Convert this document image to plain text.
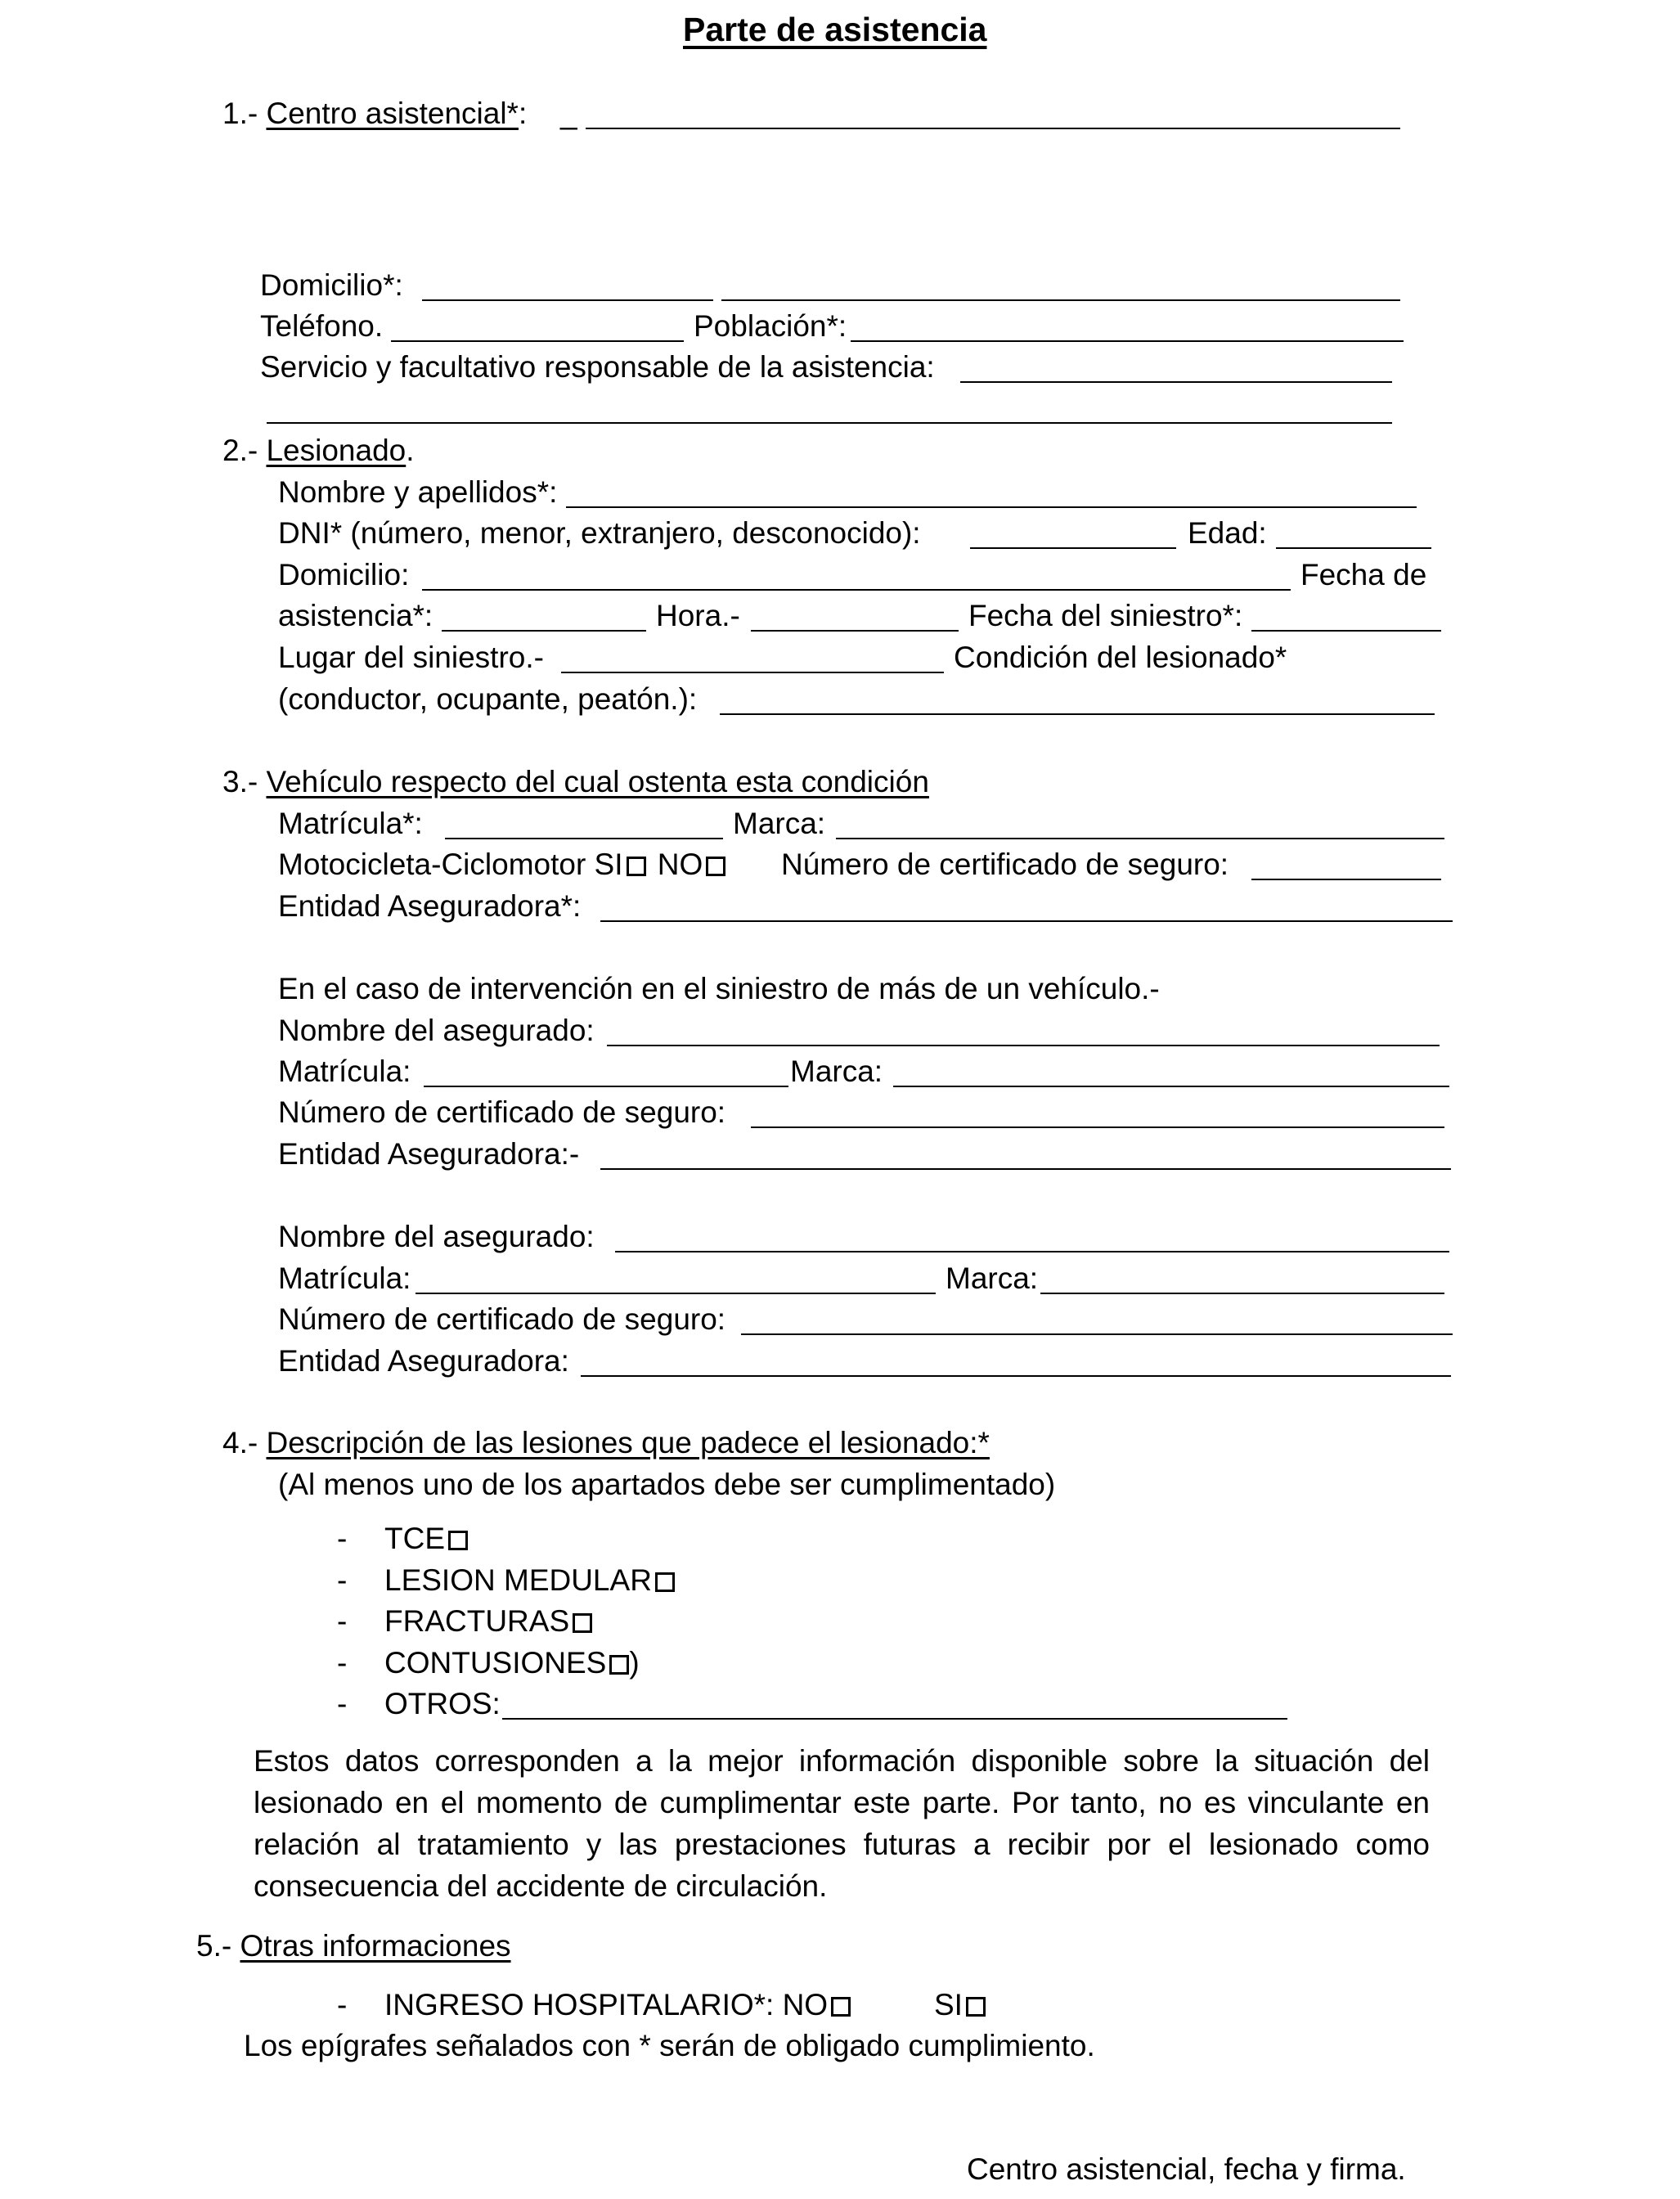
Parte de asistencia
1.- Centro asistencial*: _
Domicilio*:
Teléfono.	Población*:
Servicio y facultativo responsable de la asistencia:
2.- Lesionado.
Nombre y apellidos*:
DNI* (número, menor, extranjero, desconocido):	Edad:
Domicilio:	Fecha de
asistencia*:	Hora.-	Fecha del siniestro*:
Lugar del siniestro.-	Condición del lesionado*
(conductor, ocupante, peatón.):
3.- Vehículo respecto del cual ostenta esta condición
Matrícula*:	Marca:
Motocicleta-Ciclomotor SI NO	Número de certificado de seguro:
Entidad Aseguradora*:
En el caso de intervención en el siniestro de más de un vehículo.-
Nombre del asegurado:
Matrícula:	Marca:
Número de certificado de seguro:
Entidad Aseguradora:-
Nombre del asegurado:
Matrícula:	Marca:
Número de certificado de seguro:
Entidad Aseguradora:
4.- Descripción de las lesiones que padece el lesionado:*
(Al menos uno de los apartados debe ser cumplimentado)
- TCE
- LESION MEDULAR
- FRACTURAS
- CONTUSIONES )
- OTROS:
Estos datos corresponden a la mejor información disponible sobre la situación del
lesionado en el momento de cumplimentar este parte. Por tanto, no es vinculante en
relación al tratamiento y las prestaciones futuras a recibir por el lesionado como
consecuencia del accidente de circulación.
5.- Otras informaciones
- INGRESO HOSPITALARIO*: NO	SI
Los epígrafes señalados con * serán de obligado cumplimiento.
Centro asistencial, fecha y firma.
